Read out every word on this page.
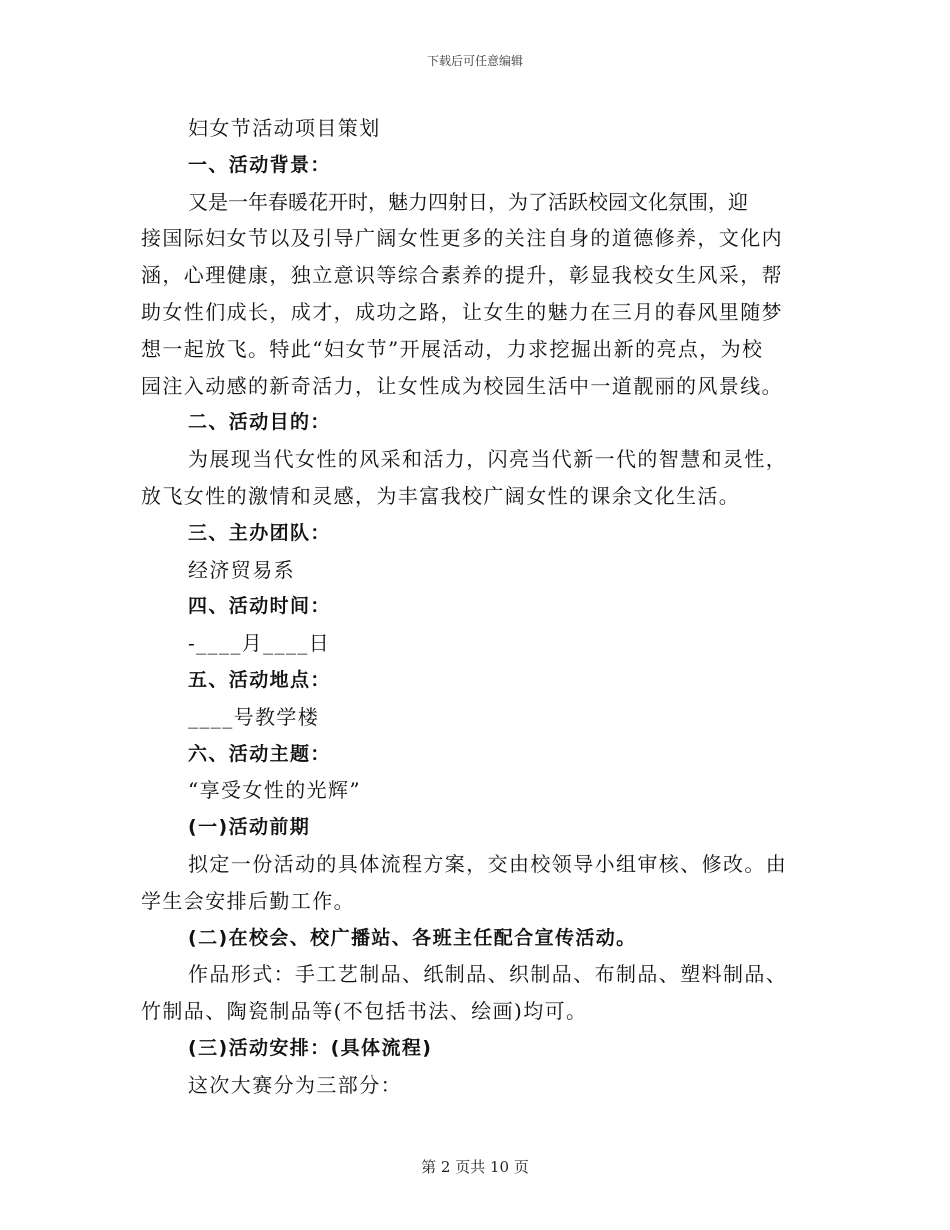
下载后可任意编辑
妇女节活动项目策划
一、活动背景：
又是一年春暖花开时，魅力四射日，为了活跃校园文化氛围，迎
接国际妇女节以及引导广阔女性更多的关注自身的道德修养，文化内
涵，心理健康，独立意识等综合素养的提升，彰显我校女生风采，帮
助女性们成长，成才，成功之路，让女生的魅力在三月的春风里随梦
想一起放飞。特此“妇女节”开展活动，力求挖掘出新的亮点，为校
园注入动感的新奇活力，让女性成为校园生活中一道靓丽的风景线。
二、活动目的：
为展现当代女性的风采和活力，闪亮当代新一代的智慧和灵性，
放飞女性的激情和灵感，为丰富我校广阔女性的课余文化生活。
三、主办团队：
经济贸易系
四、活动时间：
-____月____日
五、活动地点：
____号教学楼
六、活动主题：
“享受女性的光辉”
(一)活动前期
拟定一份活动的具体流程方案，交由校领导小组审核、修改。由
学生会安排后勤工作。
(二)在校会、校广播站、各班主任配合宣传活动。
作品形式：手工艺制品、纸制品、织制品、布制品、塑料制品、
竹制品、陶瓷制品等(不包括书法、绘画)均可。
(三)活动安排：(具体流程)
这次大赛分为三部分：
第 2 页共 10 页
